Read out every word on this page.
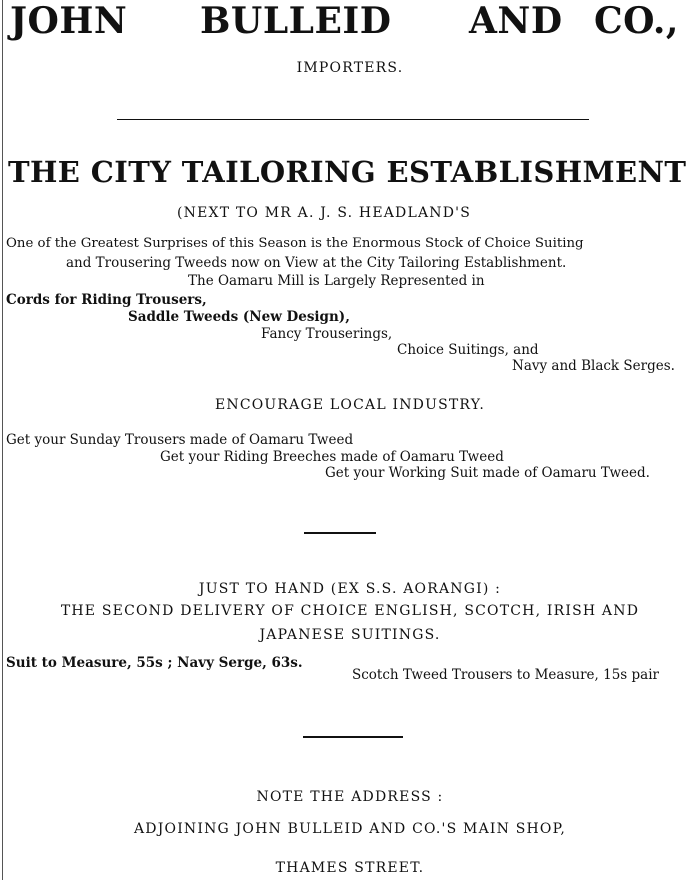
JOHN BULLEID AND CO.,
IMPORTERS.
THE CITY TAILORING ESTABLISHMENT
(NEXT TO MR A. J. S. HEADLAND'S
One of the Greatest Surprises of this Season is the Enormous Stock of Choice Suiting
and Trousering Tweeds now on View at the City Tailoring Establishment.
The Oamaru Mill is Largely Represented in
Cords for Riding Trousers,
Saddle Tweeds (New Design),
Fancy Trouserings,
Choice Suitings, and
Navy and Black Serges.
ENCOURAGE LOCAL INDUSTRY.
Get your Sunday Trousers made of Oamaru Tweed
Get your Riding Breeches made of Oamaru Tweed
Get your Working Suit made of Oamaru Tweed.
JUST TO HAND (EX S.S. AORANGI) :
THE SECOND DELIVERY OF CHOICE ENGLISH, SCOTCH, IRISH AND
JAPANESE SUITINGS.
Suit to Measure, 55s ; Navy Serge, 63s.
Scotch Tweed Trousers to Measure, 15s pair
NOTE THE ADDRESS :
ADJOINING JOHN BULLEID AND CO.'S MAIN SHOP,
THAMES STREET.
